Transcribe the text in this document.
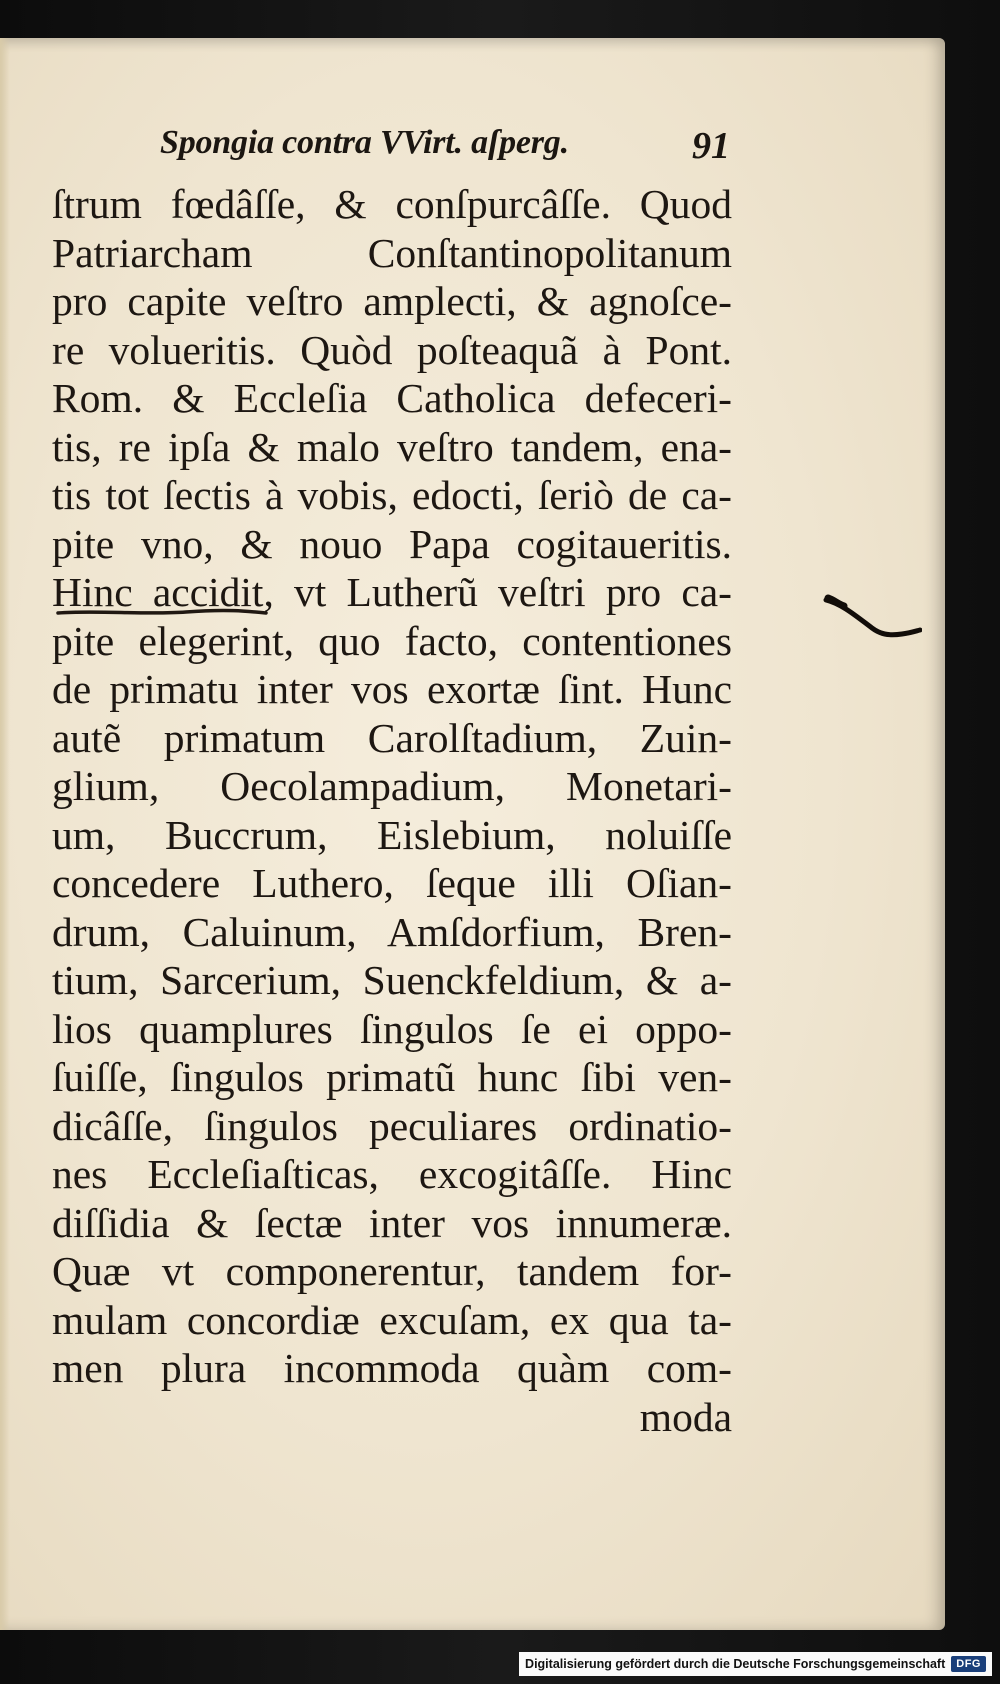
Spongia contra VVirt. aſperg.	91
ſtrum fœdâſſe, & conſpurcâſſe. Quod
Patriarcham Conſtantinopolitanum
pro capite veſtro amplecti, & agnoſce-
re volueritis. Quòd poſteaquã à Pont.
Rom. & Eccleſia Catholica defeceri-
tis, re ipſa & malo veſtro tandem, ena-
tis tot ſectis à vobis, edocti, ſeriò de ca-
pite vno, & nouo Papa cogitaueritis.
Hinc accidit, vt Lutherũ veſtri pro ca-
pite elegerint, quo facto, contentiones
de primatu inter vos exortæ ſint. Hunc
autẽ primatum Carolſtadium, Zuin-
glium, Oecolampadium, Monetari-
um, Buccrum, Eislebium, noluiſſe
concedere Luthero, ſeque illi Oſian-
drum, Caluinum, Amſdorfium, Bren-
tium, Sarcerium, Suenckfeldium, & a-
lios quamplures ſingulos ſe ei oppo-
ſuiſſe, ſingulos primatũ hunc ſibi ven-
dicâſſe, ſingulos peculiares ordinatio-
nes Eccleſiaſticas, excogitâſſe. Hinc
diſſidia & ſectæ inter vos innumeræ.
Quæ vt componerentur, tandem for-
mulam concordiæ excuſam, ex qua ta-
men plura incommoda quàm com-
moda
Digitalisierung gefördert durch die Deutsche Forschungsgemeinschaft	DFG
